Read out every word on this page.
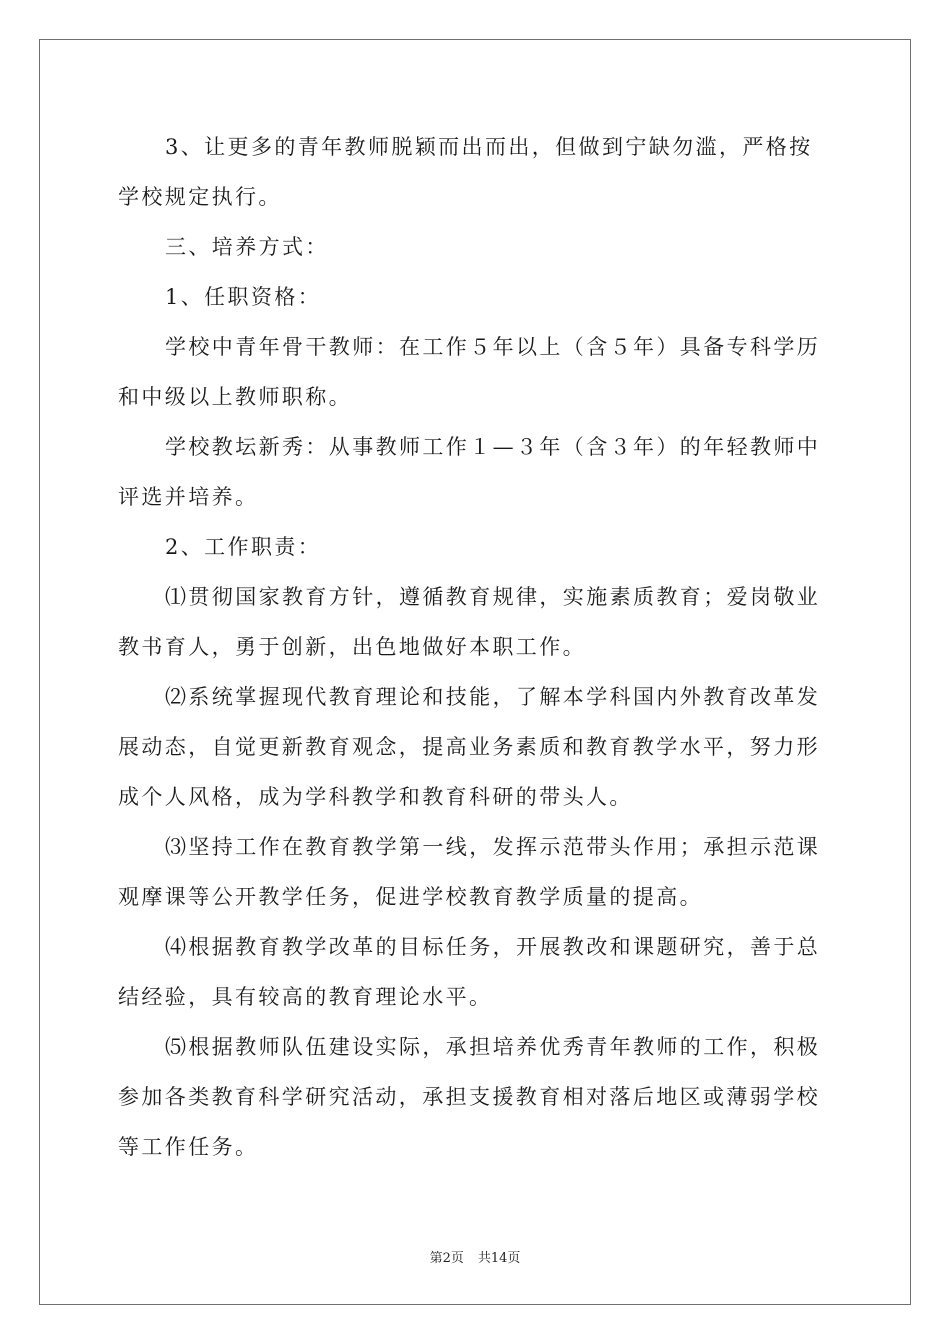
3、让更多的青年教师脱颖而出而出，但做到宁缺勿滥，严格按
学校规定执行。
三、培养方式：
1、任职资格：
学校中青年骨干教师：在工作５年以上（含５年）具备专科学历
和中级以上教师职称。
学校教坛新秀：从事教师工作１—３年（含３年）的年轻教师中
评选并培养。
2、工作职责：
⑴贯彻国家教育方针，遵循教育规律，实施素质教育；爱岗敬业
教书育人，勇于创新，出色地做好本职工作。
⑵系统掌握现代教育理论和技能，了解本学科国内外教育改革发
展动态，自觉更新教育观念，提高业务素质和教育教学水平，努力形
成个人风格，成为学科教学和教育科研的带头人。
⑶坚持工作在教育教学第一线，发挥示范带头作用；承担示范课
观摩课等公开教学任务，促进学校教育教学质量的提高。
⑷根据教育教学改革的目标任务，开展教改和课题研究，善于总
结经验，具有较高的教育理论水平。
⑸根据教师队伍建设实际，承担培养优秀青年教师的工作，积极
参加各类教育科学研究活动，承担支援教育相对落后地区或薄弱学校
等工作任务。
第2页 共14页
